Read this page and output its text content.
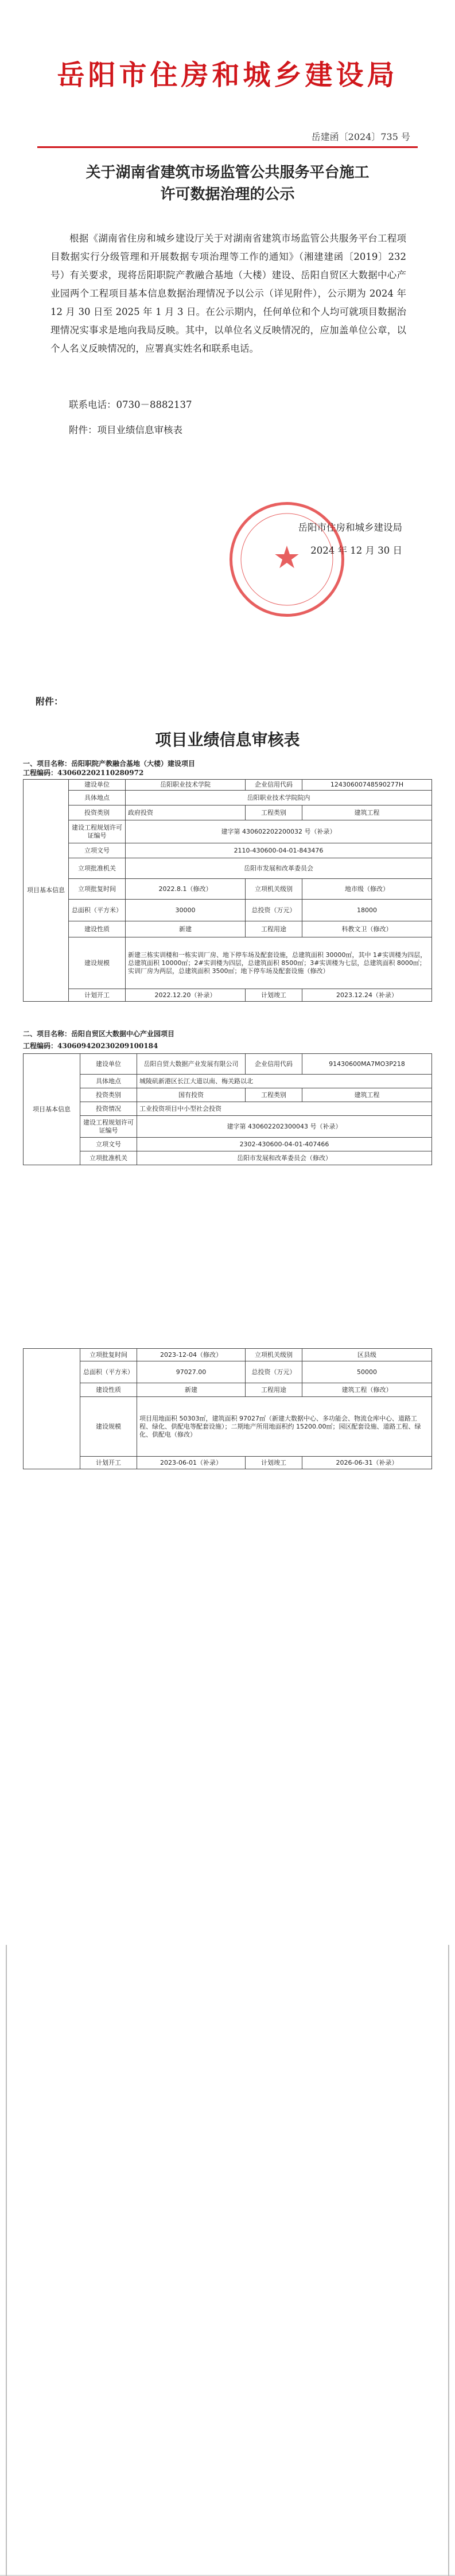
岳阳市住房和城乡建设局
岳建函〔2024〕735 号
关于湖南省建筑市场监管公共服务平台施工
许可数据治理的公示
根据《湖南省住房和城乡建设厅关于对湖南省建筑市场监管公共服务平台工程项目数据实行分级管理和开展数据专项治理等工作的通知》（湘建建函〔2019〕232 号）有关要求，现将岳阳职院产教融合基地（大楼）建设、岳阳自贸区大数据中心产业园两个工程项目基本信息数据治理情况予以公示（详见附件），公示期为 2024 年 12 月 30 日至 2025 年 1 月 3 日。在公示期内，任何单位和个人均可就项目数据治理情况实事求是地向我局反映。其中，以单位名义反映情况的，应加盖单位公章，以个人名义反映情况的，应署真实姓名和联系电话。
联系电话：0730－8882137
附件：项目业绩信息审核表
岳阳市住房和城乡建设局
2024 年 12 月 30 日
★
附件：
项目业绩信息审核表
一、项目名称：岳阳职院产教融合基地（大楼）建设项目
工程编码：430602202110280972
项目基本信息	建设单位	岳阳职业技术学院	企业信用代码	12430600748590277H
	具体地点	岳阳职业技术学院院内		
	投资类别	政府投资	工程类别	建筑工程
	建设工程规划许可证编号	建字第 430602202200032 号（补录）		
	立项文号	2110-430600-04-01-843476		
	立项批准机关	岳阳市发展和改革委员会		
	立项批复时间	2022.8.1（修改）	立项机关级别	地市级（修改）
	总面积（平方米）	30000	总投资（万元）	18000
	建设性质	新建	工程用途	科教文卫（修改）
	建设规模	新建三栋实训楼和一栋实训厂房、地下停车场及配套设施，总建筑面积 30000㎡，其中 1#实训楼为四层，总建筑面积 10000㎡；2#实训楼为四层，总建筑面积 8500㎡；3#实训楼为七层，总建筑面积 8000㎡；实训厂房为两层，总建筑面积 3500㎡；地下停车场及配套设施（修改）		
	计划开工	2022.12.20（补录）	计划竣工	2023.12.24（补录）
二、项目名称：岳阳自贸区大数据中心产业园项目
工程编码：430609420230209100184
项目基本信息	建设单位	岳阳自贸大数据产业发展有限公司	企业信用代码	91430600MA7MO3P218
	具体地点	城陵矶新港区长江大道以南、梅关路以北		
	投资类别	国有投资	工程类别	建筑工程
	投资情况	工业投资项目中小型社会投资		
	建设工程规划许可证编号	建字第 430602202300043 号（补录）		
	立项文号	2302-430600-04-01-407466		
	立项批准机关	岳阳市发展和改革委员会（修改）		
	立项批复时间	2023-12-04（修改）	立项机关级别	区县级
	总面积（平方米）	97027.00	总投资（万元）	50000
	建设性质	新建	工程用途	建筑工程（修改）
	建设规模	项目用地面积 50303㎡，建筑面积 97027㎡（新建大数据中心、多功能会、物流仓库中心、道路工程、绿化、供配电等配套设施）；二期地产所用地面积约 15200.00㎡；园区配套设施、道路工程、绿化、供配电（修改）		
	计划开工	2023-06-01（补录）	计划竣工	2026-06-31（补录）
